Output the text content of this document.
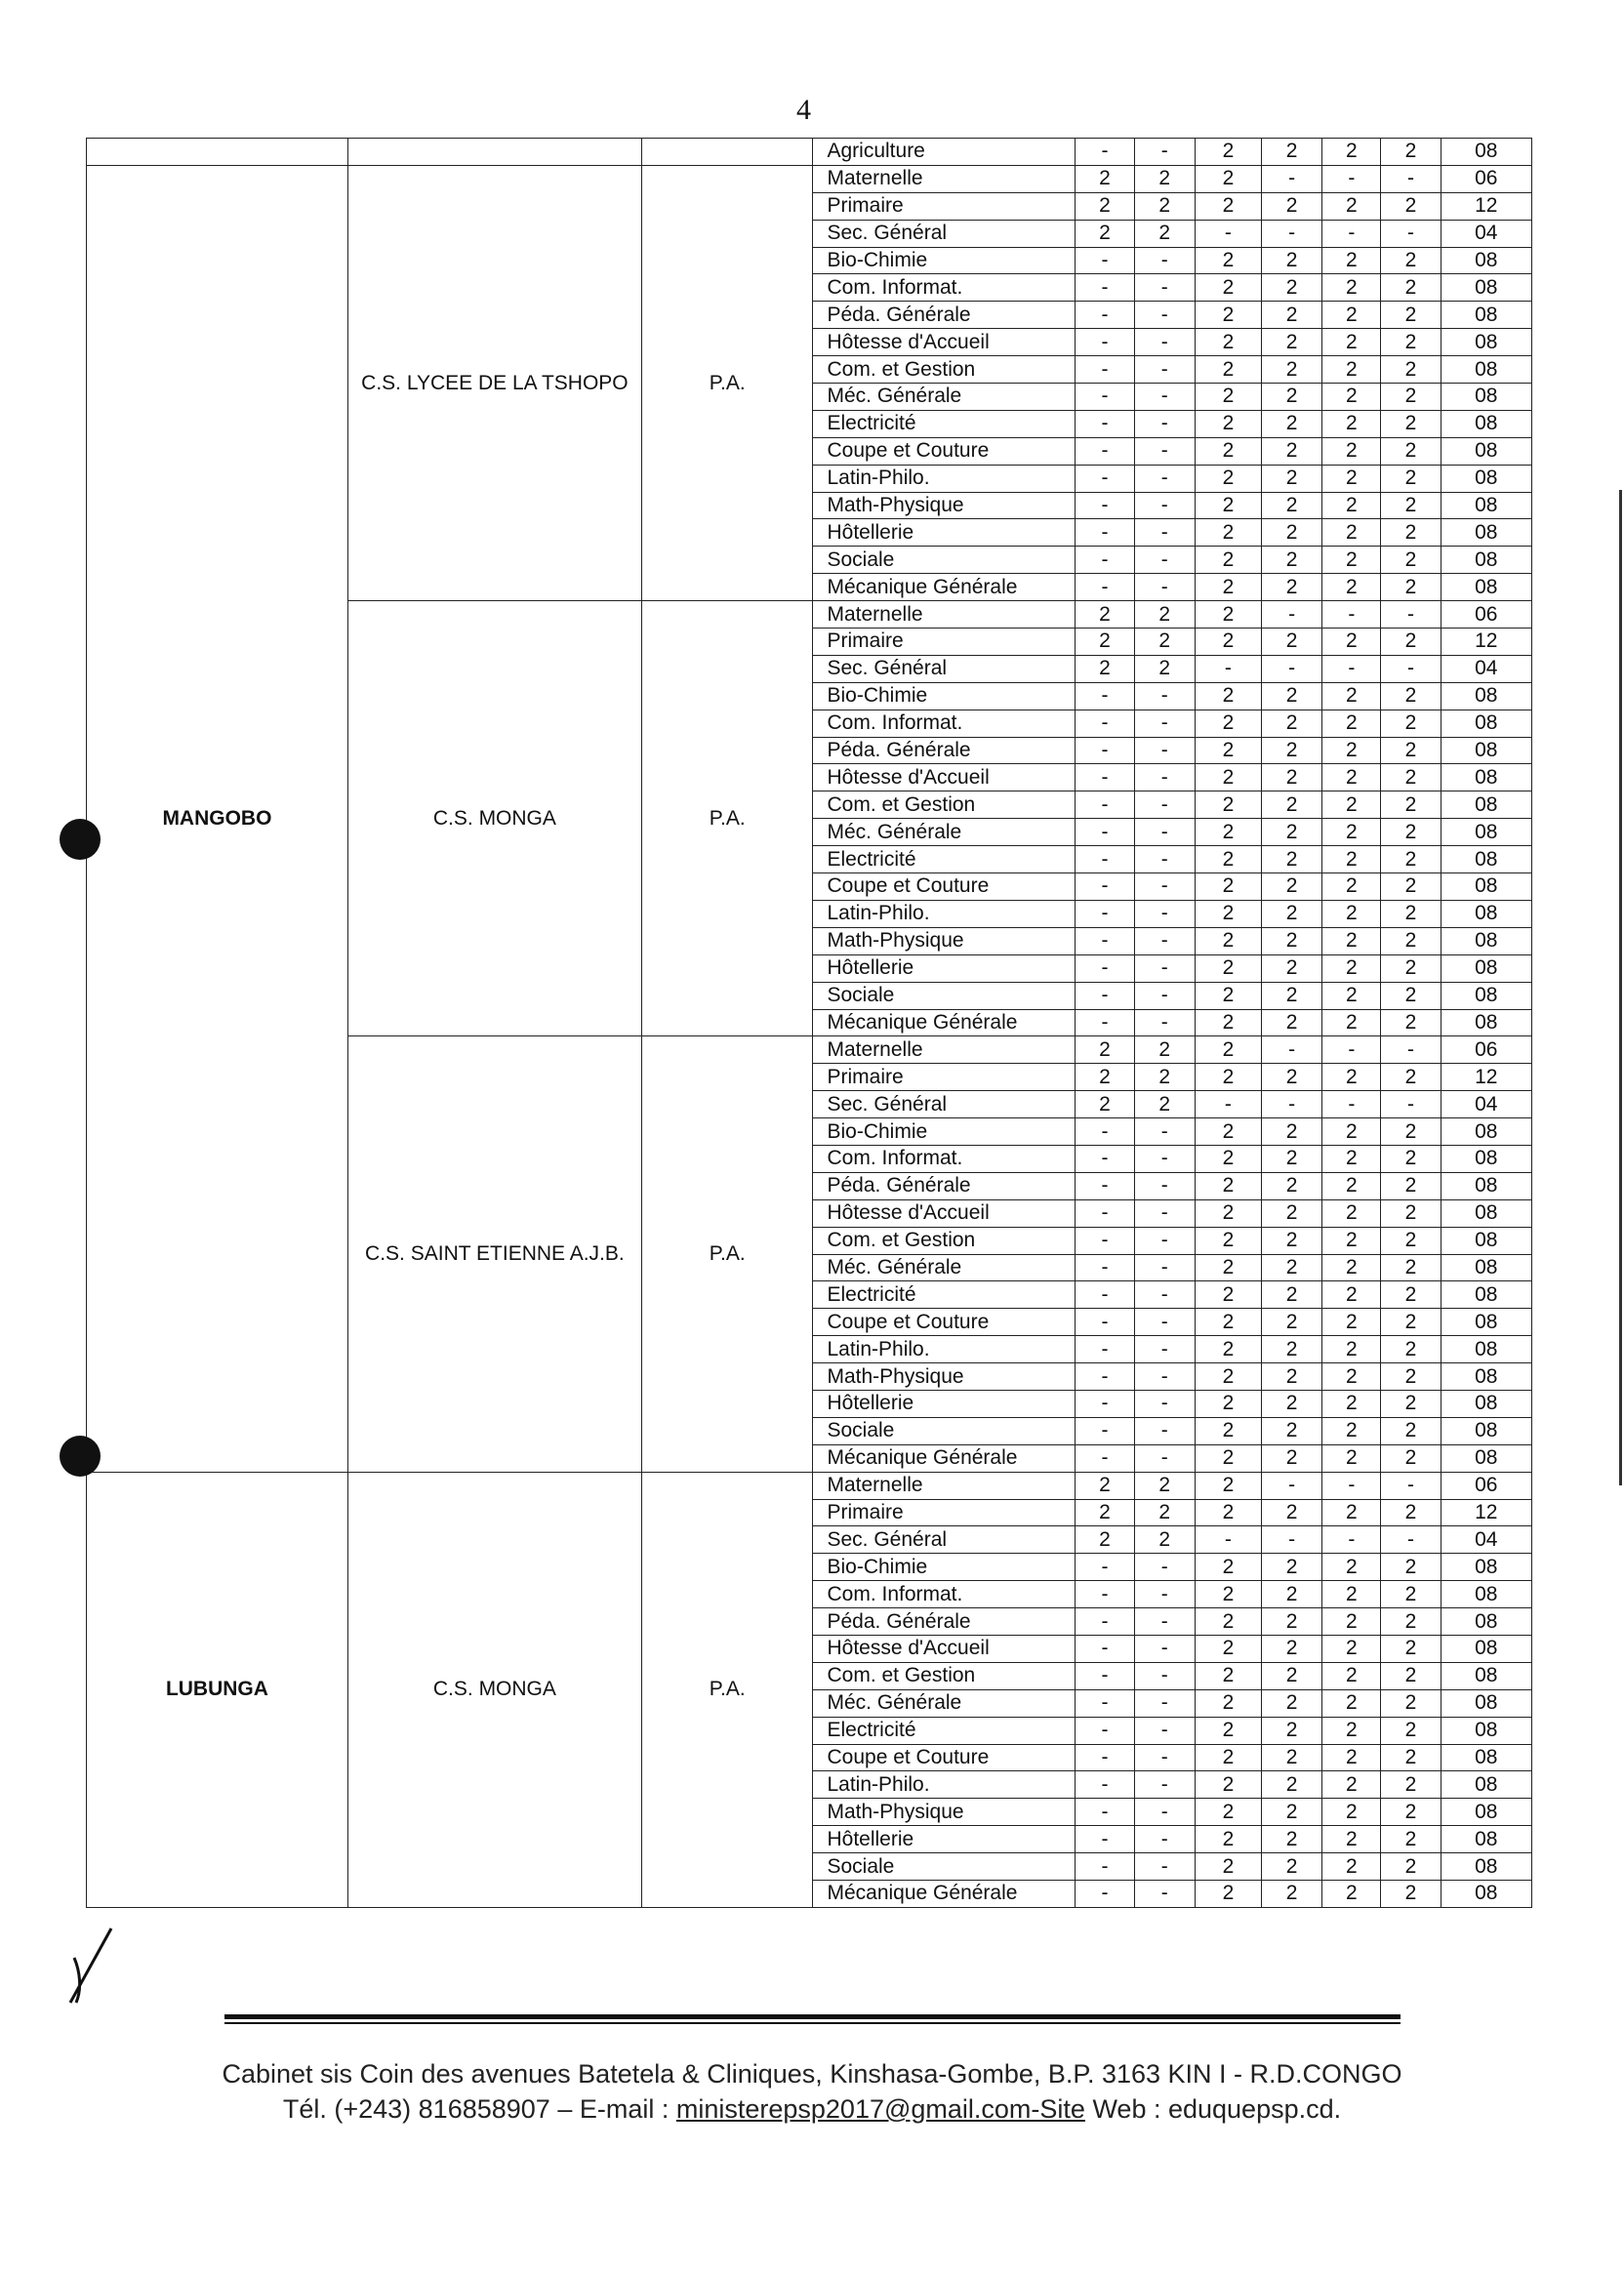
4
			Agriculture	-	-	2	2	2	2	08
MANGOBO	C.S. LYCEE DE LA TSHOPO	P.A.	Maternelle	2	2	2	-	-	-	06
			Primaire	2	2	2	2	2	2	12
			Sec. Général	2	2	-	-	-	-	04
			Bio-Chimie	-	-	2	2	2	2	08
			Com. Informat.	-	-	2	2	2	2	08
			Péda. Générale	-	-	2	2	2	2	08
			Hôtesse d'Accueil	-	-	2	2	2	2	08
			Com. et Gestion	-	-	2	2	2	2	08
			Méc. Générale	-	-	2	2	2	2	08
			Electricité	-	-	2	2	2	2	08
			Coupe et Couture	-	-	2	2	2	2	08
			Latin-Philo.	-	-	2	2	2	2	08
			Math-Physique	-	-	2	2	2	2	08
			Hôtellerie	-	-	2	2	2	2	08
			Sociale	-	-	2	2	2	2	08
			Mécanique Générale	-	-	2	2	2	2	08
	C.S. MONGA	P.A.	Maternelle	2	2	2	-	-	-	06
			Primaire	2	2	2	2	2	2	12
			Sec. Général	2	2	-	-	-	-	04
			Bio-Chimie	-	-	2	2	2	2	08
			Com. Informat.	-	-	2	2	2	2	08
			Péda. Générale	-	-	2	2	2	2	08
			Hôtesse d'Accueil	-	-	2	2	2	2	08
			Com. et Gestion	-	-	2	2	2	2	08
			Méc. Générale	-	-	2	2	2	2	08
			Electricité	-	-	2	2	2	2	08
			Coupe et Couture	-	-	2	2	2	2	08
			Latin-Philo.	-	-	2	2	2	2	08
			Math-Physique	-	-	2	2	2	2	08
			Hôtellerie	-	-	2	2	2	2	08
			Sociale	-	-	2	2	2	2	08
			Mécanique Générale	-	-	2	2	2	2	08
	C.S. SAINT ETIENNE A.J.B.	P.A.	Maternelle	2	2	2	-	-	-	06
			Primaire	2	2	2	2	2	2	12
			Sec. Général	2	2	-	-	-	-	04
			Bio-Chimie	-	-	2	2	2	2	08
			Com. Informat.	-	-	2	2	2	2	08
			Péda. Générale	-	-	2	2	2	2	08
			Hôtesse d'Accueil	-	-	2	2	2	2	08
			Com. et Gestion	-	-	2	2	2	2	08
			Méc. Générale	-	-	2	2	2	2	08
			Electricité	-	-	2	2	2	2	08
			Coupe et Couture	-	-	2	2	2	2	08
			Latin-Philo.	-	-	2	2	2	2	08
			Math-Physique	-	-	2	2	2	2	08
			Hôtellerie	-	-	2	2	2	2	08
			Sociale	-	-	2	2	2	2	08
			Mécanique Générale	-	-	2	2	2	2	08
LUBUNGA	C.S. MONGA	P.A.	Maternelle	2	2	2	-	-	-	06
			Primaire	2	2	2	2	2	2	12
			Sec. Général	2	2	-	-	-	-	04
			Bio-Chimie	-	-	2	2	2	2	08
			Com. Informat.	-	-	2	2	2	2	08
			Péda. Générale	-	-	2	2	2	2	08
			Hôtesse d'Accueil	-	-	2	2	2	2	08
			Com. et Gestion	-	-	2	2	2	2	08
			Méc. Générale	-	-	2	2	2	2	08
			Electricité	-	-	2	2	2	2	08
			Coupe et Couture	-	-	2	2	2	2	08
			Latin-Philo.	-	-	2	2	2	2	08
			Math-Physique	-	-	2	2	2	2	08
			Hôtellerie	-	-	2	2	2	2	08
			Sociale	-	-	2	2	2	2	08
			Mécanique Générale	-	-	2	2	2	2	08
Cabinet sis Coin des avenues Batetela & Cliniques, Kinshasa-Gombe, B.P. 3163 KIN I - R.D.CONGO
Tél. (+243) 816858907 – E-mail : ministerepsp2017@gmail.com-Site Web : eduquepsp.cd.
